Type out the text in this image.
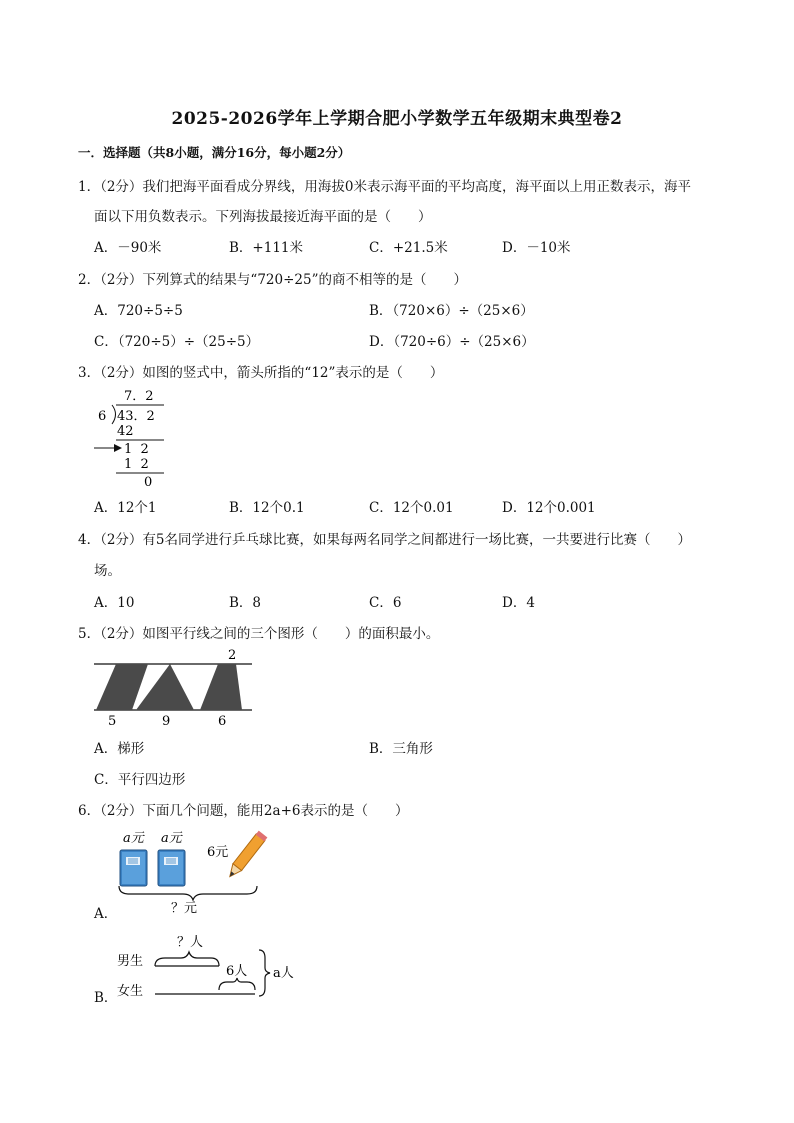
2025-2026学年上学期合肥小学数学五年级期末典型卷2
一．选择题（共8小题，满分16分，每小题2分）
1．（2分）我们把海平面看成分界线，用海拔0米表示海平面的平均高度，海平面以上用正数表示，海平
面以下用负数表示。下列海拔最接近海平面的是（　　）
A．－90米	B．+111米	C．+21.5米	D．－10米
2．（2分）下列算式的结果与“720÷25”的商不相等的是（　　）
A．720÷5÷5	B．（720×6）÷（25×6）
C．（720÷5）÷（25÷5）	D．（720÷6）÷（25×6）
3．（2分）如图的竖式中，箭头所指的“12”表示的是（　　）
7．2
6 43．2
42
1  2
1  2
0
A．12个1	B．12个0.1	C．12个0.01	D．12个0.001
4．（2分）有5名同学进行乒乓球比赛，如果每两名同学之间都进行一场比赛，一共要进行比赛（　　）
场。
A．10	B．8	C．6	D．4
5．（2分）如图平行线之间的三个图形（　　）的面积最小。
2
5	9	6
A．梯形	B．三角形
C．平行四边形
6．（2分）下面几个问题，能用2a+6表示的是（　　）
A．
a元 a元
6元
？元
B．
？人
男生
6人
女生
a人
